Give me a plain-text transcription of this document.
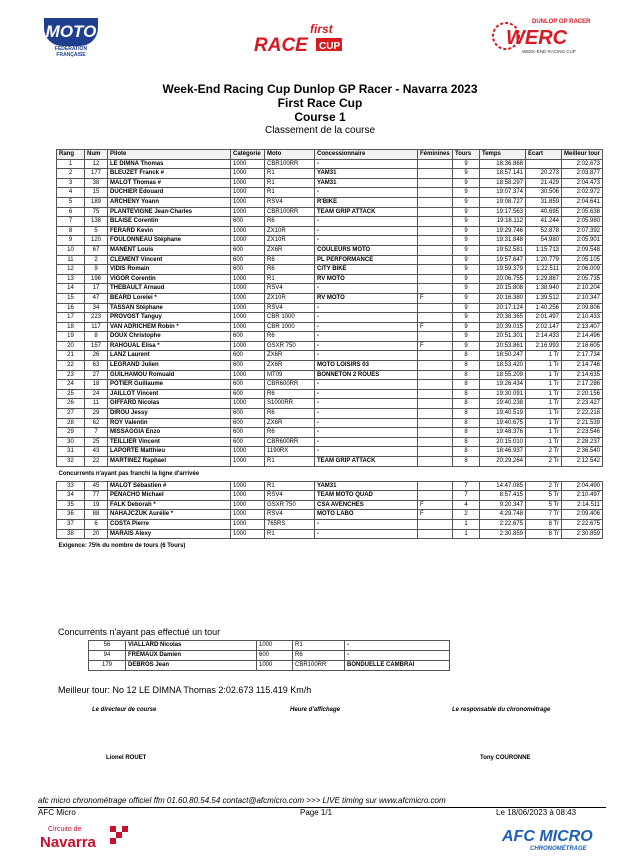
MOTO
FÉDÉRATION
FRANÇAISE
first
RACE CUP
DUNLOP GP RACER
WERC
WEEK-END RACING CUP
Week-End Racing Cup Dunlop GP Racer - Navarra 2023
First Race Cup
Course 1
Classement de la course
Rang	Num	Pilote	Catégorie	Moto	Concessionnaire	Féminines	Tours	Temps	Ecart	Meilleur tour
1	12	LE DIMNA Thomas	1000	CBR100RR	-		9	18:36.868		2:02.673
2	177	BLEUZET Franck #	1000	R1	YAM31		9	18:57.141	20.273	2:03.877
3	38	MALOT Thomas #	1000	R1	YAM31		9	18:58.297	21.429	2:04.473
4	15	DUCHIER Edouard	1000	R1	-		9	19:07.374	30.506	2:02.972
5	189	ARCHENY Yoann	1000	RSV4	R'BIKE		9	19:08.727	31.859	2:04.641
6	75	PLANTEVIGNE Jean-Charles	1000	CBR100RR	TEAM GRIP ATTACK		9	19:17.563	40.695	2:05.638
7	138	BLAISE Corentin	600	R6	-		9	19:18.112	41.244	2:05.980
8	5	FERARD Kevin	1000	ZX10R	-		9	19:29.746	52.878	2:07.392
9	120	FOULONNEAU Stéphane	1000	ZX10R	-		9	19:31.848	54.980	2:05.901
10	67	MANENT Louis	600	ZX6R	COULEURS MOTO		9	19:52.581	1:15.713	2:09.548
11	2	CLEMENT Vincent	600	R6	PL PERFORMANCE		9	19:57.647	1:20.779	2:05.105
12	9	VIDIS Romain	600	R6	CITY BIKE		9	19:59.379	1:22.511	2:06.009
13	196	VIGOR Corentin	1000	R1	RV MOTO		9	20:06.755	1:29.887	2:05.735
14	17	THEBAULT Arnaud	1000	RSV4	-		9	20:15.808	1:38.940	2:10.204
15	47	BEARD Lorelei *	1000	ZX10R	RV MOTO	F	9	20:16.380	1:39.512	2:10.347
16	34	TASSAN Stéphane	1000	RSV4	-		9	20:17.124	1:40.256	2:09.806
17	223	PROVOST Tanguy	1000	CBR 1000	-		9	20:38.365	2:01.497	2:10.433
18	117	VAN ADRICHEM Robin *	1000	CBR 1000	-	F	9	20:39.015	2:02.147	2:13.407
19	8	DOUX Christophe	600	R6	-		9	20:51.301	2:14.433	2:14.496
20	157	RAHOUAL Elisa *	1000	GSXR 750	-	F	9	20:53.861	2:16.993	2:16.605
21	26	LANZ Laurent	600	ZX6R	-		8	18:50.247	1 Tr	2:17.734
22	63	LEGRAND Julien	600	ZX6R	MOTO LOISIRS 03		8	18:53.420	1 Tr	2:14.746
23	27	GUILHAMOU Romuald	1000	MT09	BONNETON 2 ROUES		8	18:55.209	1 Tr	2:14.635
24	18	POTIER Guillaume	600	CBR600RR	-		8	19:26.434	1 Tr	2:17.286
25	24	JAILLOT Vincent	600	R6	-		8	19:30.091	1 Tr	2:20.156
26	11	GIFFARD Nicolas	1000	S1000RR	-		8	19:40.238	1 Tr	2:23.427
27	29	DIROU Jessy	600	R6	-		8	19:40.519	1 Tr	2:22.218
28	62	ROY Valentin	600	ZX6R	-		8	19:40.675	1 Tr	2:21.539
29	7	MISSAGGIA Enzo	600	R6	-		8	19:48.376	1 Tr	2:23.546
30	25	TEILLIER Vincent	600	CBR600RR	-		8	20:15.010	1 Tr	2:28.237
31	43	LAPORTE Matthieu	1000	1190RX	-		8	18:46.937	2 Tr	2:36.540
32	22	MARTINEZ Raphael	1000	R1	TEAM GRIP ATTACK		8	20:29.264	2 Tr	2:12.542
Concurrents n'ayant pas franchi la ligne d'arrivée										
33	45	MALOT Sébastien #	1000	R1	YAM31		7	14:47.085	2 Tr	2:04.490
34	77	PENACHO Michael	1000	RSV4	TEAM MOTO QUAD		7	8:57.415	5 Tr	2:10.497
35	19	FALK Deborah *	1000	GSXR 750	CSA AVENCHES	F	4	9:20.347	5 Tr	2:14.511
36	88	NAHAJCZUK Aurélie *	1000	RSV4	MOTO LABO	F	2	4:29.748	7 Tr	2:09.406
37	6	COSTA Pierre	1000	765RS	-		1	2:22.675	8 Tr	2:22.675
38	20	MARAIS Alexy	1000	R1	-		1	2:30.859	8 Tr	2:30.859
Exigence: 75% du nombre de tours (6 Tours)										
Concurrents n'ayant pas effectué un tour
	56	VIALLARD Nicolas	1000	R1	-
	94	FREMAUX Damien	600	R6	-
	179	DEBROS Jean	1000	CBR100RR	BONDUELLE CAMBRAI
Meilleur tour: No 12 LE DIMNA Thomas 2:02.673 115.419 Km/h
Le directeur de course	Heure d'affichage	Le responsable du chronométrage
Lionel ROUET	Tony COURONNE
afc micro chronométrage officiel ffm 01.60.80.54.54 contact@afcmicro.com >>> LIVE timing sur www.afcmicro.com
AFC Micro	Page 1/1	Le 18/06/2023 à 08:43
Circuito de
Navarra	AFC MICRO
CHRONOMÉTRAGE
